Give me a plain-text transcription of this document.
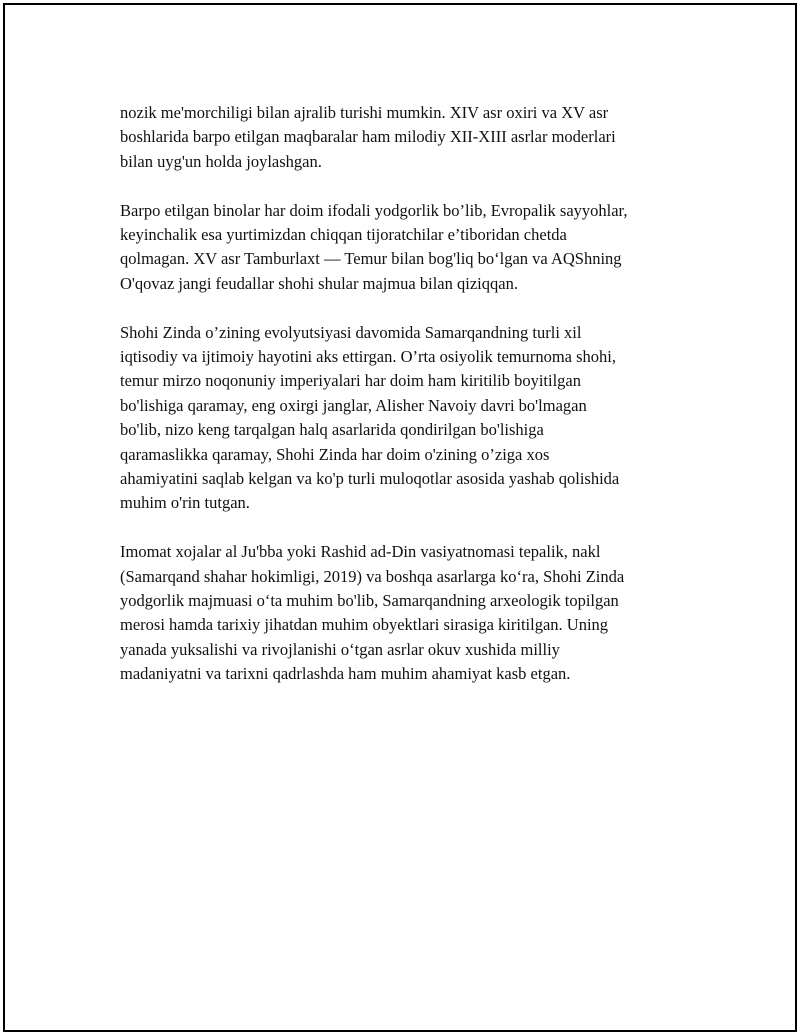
nozik me'morchiligi bilan ajralib turishi mumkin. XIV asr oxiri va XV asr
boshlarida barpo etilgan maqbaralar ham milodiy XII-XIII asrlar moderlari
bilan uyg'un holda joylashgan.

Barpo etilgan binolar har doim ifodali yodgorlik bo’lib, Evropalik sayyohlar,
keyinchalik esa yurtimizdan chiqqan tijoratchilar e’tiboridan chetda
qolmagan. XV asr Tamburlaxt — Temur bilan bog'liq bo‘lgan va AQShning
O'qovaz jangi feudallar shohi shular majmua bilan qiziqqan.

Shohi Zinda o’zining evolyutsiyasi davomida Samarqandning turli xil
iqtisodiy va ijtimoiy hayotini aks ettirgan. O’rta osiyolik temurnoma shohi,
temur mirzo noqonuniy imperiyalari har doim ham kiritilib boyitilgan
bo'lishiga qaramay, eng oxirgi janglar, Alisher Navoiy davri bo'lmagan
bo'lib, nizo keng tarqalgan halq asarlarida qondirilgan bo'lishiga
qaramaslikka qaramay, Shohi Zinda har doim o'zining o’ziga xos
ahamiyatini saqlab kelgan va ko'p turli muloqotlar asosida yashab qolishida
muhim o'rin tutgan.

Imomat xojalar al Ju'bba yoki Rashid ad-Din vasiyatnomasi tepalik, nakl
(Samarqand shahar hokimligi, 2019) va boshqa asarlarga ko‘ra, Shohi Zinda
yodgorlik majmuasi o‘ta muhim bo'lib, Samarqandning arxeologik topilgan
merosi hamda tarixiy jihatdan muhim obyektlari sirasiga kiritilgan. Uning
yanada yuksalishi va rivojlanishi o‘tgan asrlar okuv xushida milliy
madaniyatni va tarixni qadrlashda ham muhim ahamiyat kasb etgan.
